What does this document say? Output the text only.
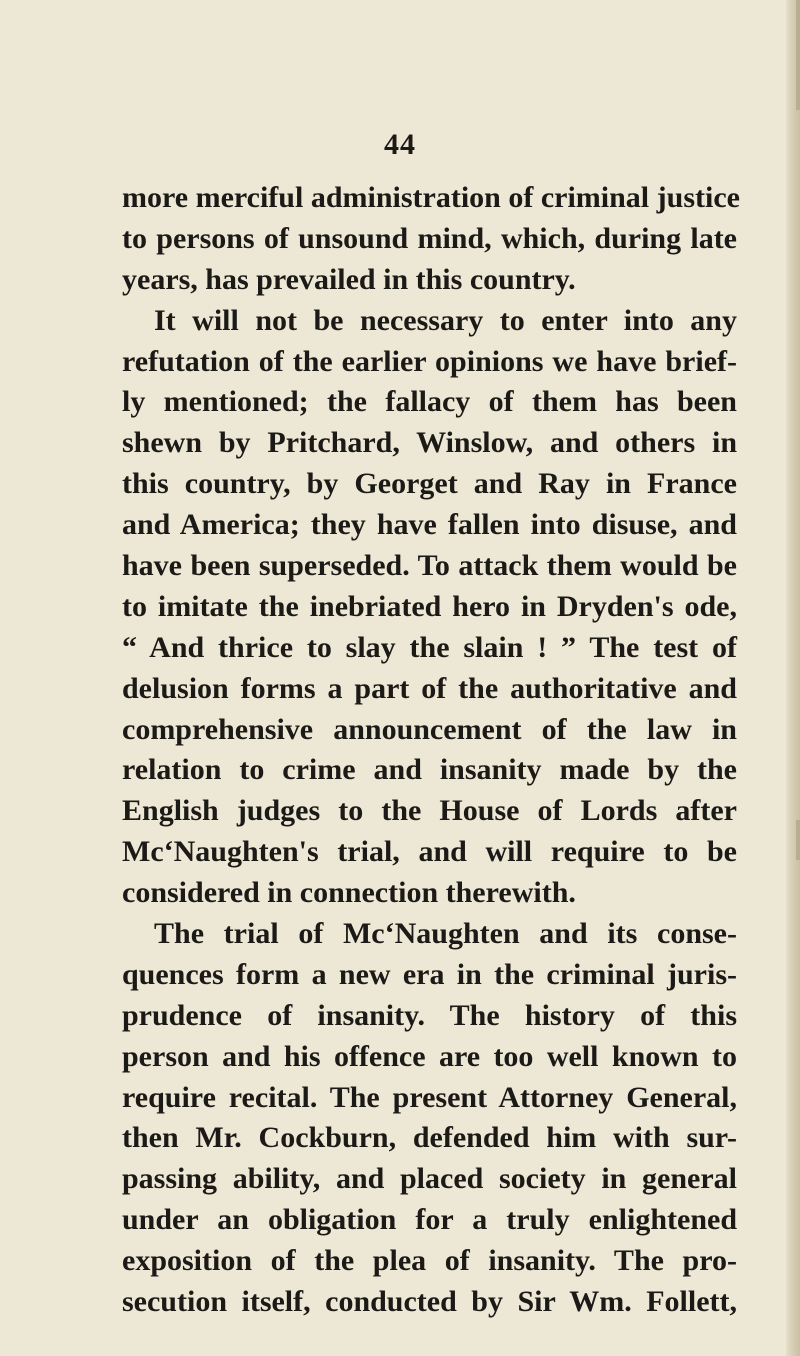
44
more merciful administration of criminal justice
to persons of unsound mind, which, during late
years, has prevailed in this country.
It will not be necessary to enter into any
refutation of the earlier opinions we have brief-
ly mentioned; the fallacy of them has been
shewn by Pritchard, Winslow, and others in
this country, by Georget and Ray in France
and America; they have fallen into disuse, and
have been superseded. To attack them would be
to imitate the inebriated hero in Dryden's ode,
“ And thrice to slay the slain ! ” The test of
delusion forms a part of the authoritative and
comprehensive announcement of the law in
relation to crime and insanity made by the
English judges to the House of Lords after
Mc‘Naughten's trial, and will require to be
considered in connection therewith.
The trial of Mc‘Naughten and its conse-
quences form a new era in the criminal juris-
prudence of insanity. The history of this
person and his offence are too well known to
require recital. The present Attorney General,
then Mr. Cockburn, defended him with sur-
passing ability, and placed society in general
under an obligation for a truly enlightened
exposition of the plea of insanity. The pro-
secution itself, conducted by Sir Wm. Follett,
